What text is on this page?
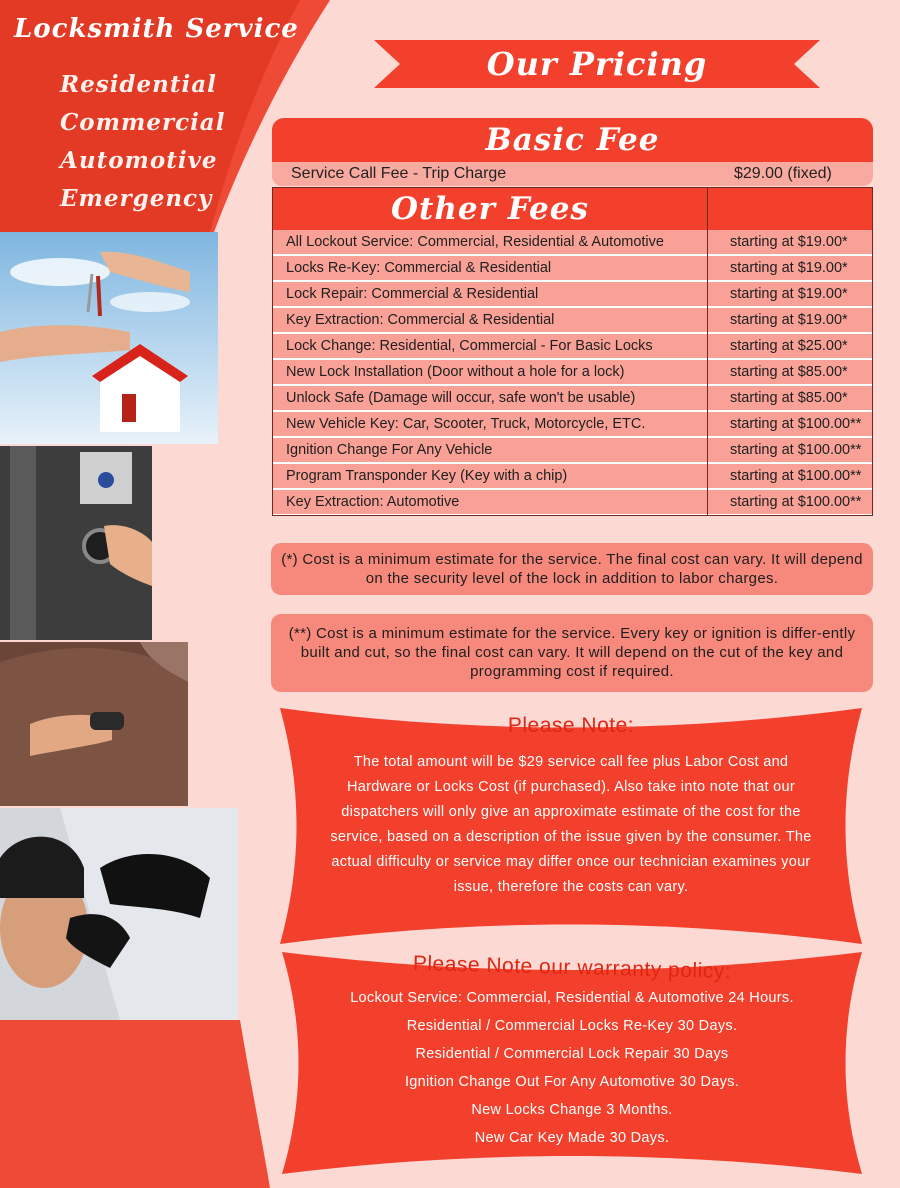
Locksmith Service
Residential
Commercial
Automotive
Emergency
Our Pricing
Basic Fee
Service Call Fee - Trip Charge	$29.00 (fixed)
Other Fees
All Lockout Service: Commercial, Residential & Automotive	starting at $19.00*
Locks Re-Key: Commercial & Residential	starting at $19.00*
Lock Repair: Commercial & Residential	starting at $19.00*
Key Extraction: Commercial & Residential	starting at $19.00*
Lock Change: Residential, Commercial - For Basic Locks	starting at $25.00*
New Lock Installation (Door without a hole for a lock)	starting at $85.00*
Unlock Safe (Damage will occur, safe won't be usable)	starting at $85.00*
New Vehicle Key: Car, Scooter, Truck, Motorcycle, ETC.	starting at $100.00**
Ignition Change For Any Vehicle	starting at $100.00**
Program Transponder Key (Key with a chip)	starting at $100.00**
Key Extraction: Automotive	starting at $100.00**
(*) Cost is a minimum estimate for the service. The final cost can vary. It will depend on the security level of the lock in addition to labor charges.
(**) Cost is a minimum estimate for the service. Every key or ignition is differ-ently built and cut, so the final cost can vary. It will depend on the cut of the key and programming cost if required.
Please Note:

The total amount will be $29 service call fee plus Labor Cost and Hardware or Locks Cost (if purchased). Also take into note that our dispatchers will only give an approximate estimate of the cost for the service, based on a description of the issue given by the consumer. The actual difficulty or service may differ once our technician examines your issue, therefore the costs can vary.

Please Note our warranty policy:
Lockout Service: Commercial, Residential & Automotive 24 Hours.
Residential / Commercial Locks Re-Key 30 Days.
Residential / Commercial Lock Repair 30 Days
Ignition Change Out For Any Automotive 30 Days.
New Locks Change 3 Months.
New Car Key Made 30 Days.
